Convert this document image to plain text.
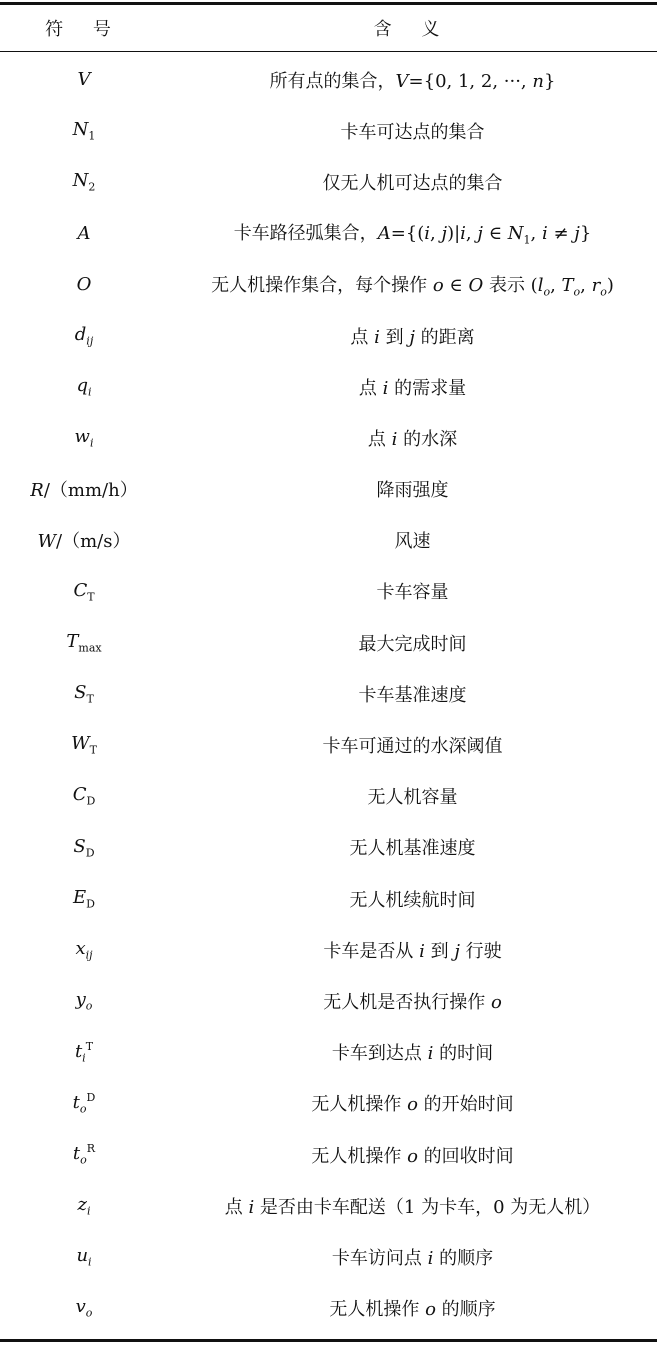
符 号	含 义
V	所有点的集合，V={0, 1, 2, ···, n}
$N_1$	卡车可达点的集合
$N_2$	仅无人机可达点的集合
A	卡车路径弧集合，A={(i, j)|i, j ∈ $N_1$, i ≠ j}
O	无人机操作集合，每个操作 o ∈ O 表示 ($l_o$, $T_o$, $r_o$)
$d_{ij}$	点 i 到 j 的距离
$q_i$	点 i 的需求量
$w_i$	点 i 的水深
R/（mm/h）	降雨强度
W/（m/s）	风速
$C_T$	卡车容量
$T_{max}$	最大完成时间
$S_T$	卡车基准速度
$W_T$	卡车可通过的水深阈值
$C_D$	无人机容量
$S_D$	无人机基准速度
$E_D$	无人机续航时间
$x_{ij}$	卡车是否从 i 到 j 行驶
$y_o$	无人机是否执行操作 o
$t_i^T$	卡车到达点 i 的时间
$t_o^D$	无人机操作 o 的开始时间
$t_o^R$	无人机操作 o 的回收时间
$z_i$	点 i 是否由卡车配送（1 为卡车，0 为无人机）
$u_i$	卡车访问点 i 的顺序
$v_o$	无人机操作 o 的顺序
